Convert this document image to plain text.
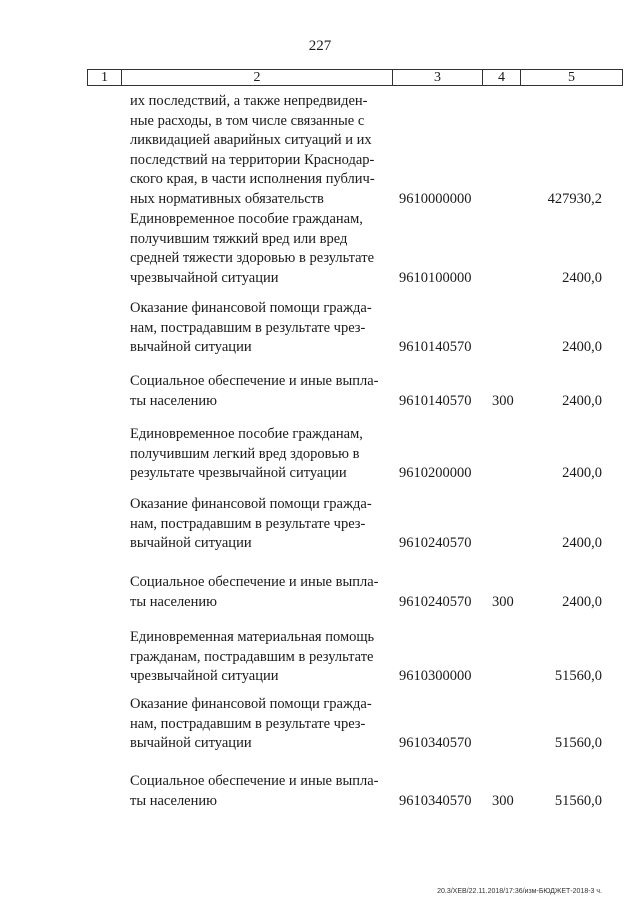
227
1	2	3	4	5
их последствий, а также непредвиден-
ные расходы, в том числе связанные с
ликвидацией аварийных ситуаций и их
последствий на территории Краснодар-
ского края, в части исполнения публич-
ных нормативных обязательств	9610000000	427930,2
Единовременное пособие гражданам,
получившим тяжкий вред или вред
средней тяжести здоровью в результате
чрезвычайной ситуации	9610100000	2400,0
Оказание финансовой помощи гражда-
нам, пострадавшим в результате чрез-
вычайной ситуации	9610140570	2400,0
Социальное обеспечение и иные выпла-
ты населению	9610140570 300	2400,0
Единовременное пособие гражданам,
получившим легкий вред здоровью в
результате чрезвычайной ситуации	9610200000	2400,0
Оказание финансовой помощи гражда-
нам, пострадавшим в результате чрез-
вычайной ситуации	9610240570	2400,0
Социальное обеспечение и иные выпла-
ты населению	9610240570 300	2400,0
Единовременная материальная помощь
гражданам, пострадавшим в результате
чрезвычайной ситуации	9610300000	51560,0
Оказание финансовой помощи гражда-
нам, пострадавшим в результате чрез-
вычайной ситуации	9610340570	51560,0
Социальное обеспечение и иные выпла-
ты населению	9610340570 300	51560,0
20.3/ХЕВ/22.11.2018/17:36/изм-БЮДЖЕТ-2018-3 ч.
